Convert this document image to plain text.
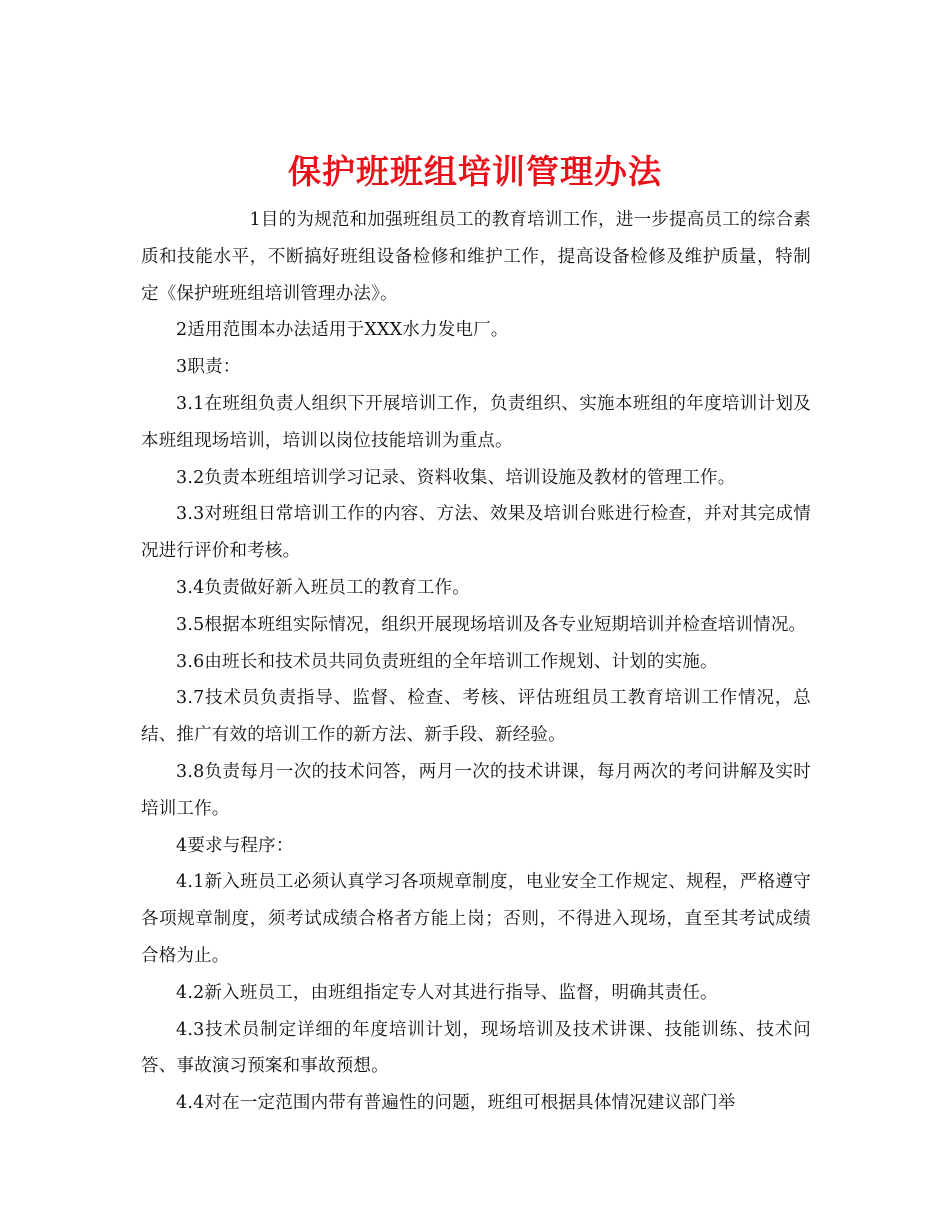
保护班班组培训管理办法

1目的为规范和加强班组员工的教育培训工作，进一步提高员工的综合素质和技能水平，不断搞好班组设备检修和维护工作，提高设备检修及维护质量，特制定《保护班班组培训管理办法》。

2适用范围本办法适用于XXX水力发电厂。

3职责：

3.1在班组负责人组织下开展培训工作，负责组织、实施本班组的年度培训计划及本班组现场培训，培训以岗位技能培训为重点。

3.2负责本班组培训学习记录、资料收集、培训设施及教材的管理工作。

3.3对班组日常培训工作的内容、方法、效果及培训台账进行检查，并对其完成情况进行评价和考核。

3.4负责做好新入班员工的教育工作。

3.5根据本班组实际情况，组织开展现场培训及各专业短期培训并检查培训情况。

3.6由班长和技术员共同负责班组的全年培训工作规划、计划的实施。

3.7技术员负责指导、监督、检查、考核、评估班组员工教育培训工作情况，总结、推广有效的培训工作的新方法、新手段、新经验。

3.8负责每月一次的技术问答，两月一次的技术讲课，每月两次的考问讲解及实时培训工作。

4要求与程序：

4.1新入班员工必须认真学习各项规章制度，电业安全工作规定、规程，严格遵守各项规章制度，须考试成绩合格者方能上岗；否则，不得进入现场，直至其考试成绩合格为止。

4.2新入班员工，由班组指定专人对其进行指导、监督，明确其责任。

4.3技术员制定详细的年度培训计划，现场培训及技术讲课、技能训练、技术问答、事故演习预案和事故预想。

4.4对在一定范围内带有普遍性的问题，班组可根据具体情况建议部门举
